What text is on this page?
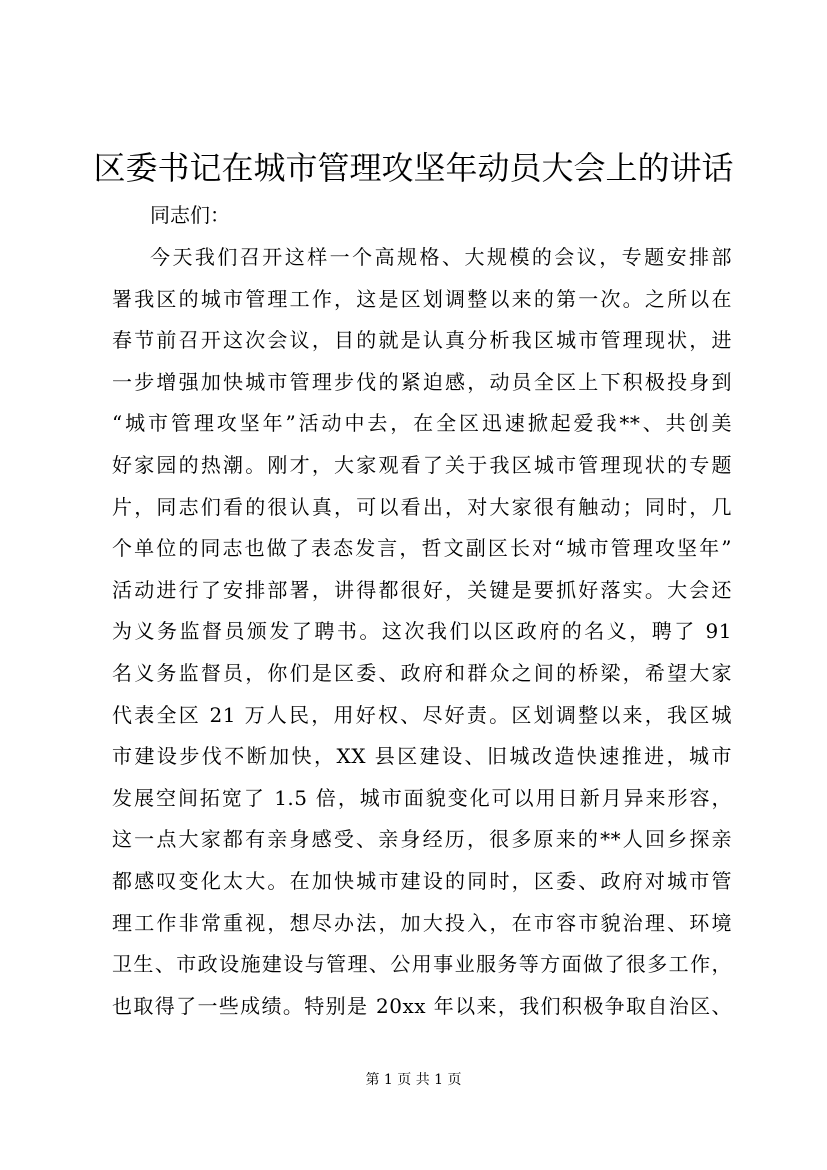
区委书记在城市管理攻坚年动员大会上的讲话

同志们：

今天我们召开这样一个高规格、大规模的会议，专题安排部
署我区的城市管理工作，这是区划调整以来的第一次。之所以在
春节前召开这次会议，目的就是认真分析我区城市管理现状，进
一步增强加快城市管理步伐的紧迫感，动员全区上下积极投身到
“城市管理攻坚年”活动中去，在全区迅速掀起爱我**、共创美
好家园的热潮。刚才，大家观看了关于我区城市管理现状的专题
片，同志们看的很认真，可以看出，对大家很有触动；同时，几
个单位的同志也做了表态发言，哲文副区长对“城市管理攻坚年”
活动进行了安排部署，讲得都很好，关键是要抓好落实。大会还
为义务监督员颁发了聘书。这次我们以区政府的名义，聘了 91
名义务监督员，你们是区委、政府和群众之间的桥梁，希望大家
代表全区 21 万人民，用好权、尽好责。区划调整以来，我区城
市建设步伐不断加快，XX 县区建设、旧城改造快速推进，城市
发展空间拓宽了 1.5 倍，城市面貌变化可以用日新月异来形容，
这一点大家都有亲身感受、亲身经历，很多原来的**人回乡探亲
都感叹变化太大。在加快城市建设的同时，区委、政府对城市管
理工作非常重视，想尽办法，加大投入，在市容市貌治理、环境
卫生、市政设施建设与管理、公用事业服务等方面做了很多工作，
也取得了一些成绩。特别是 20xx 年以来，我们积极争取自治区、
第 1 页 共 1 页
